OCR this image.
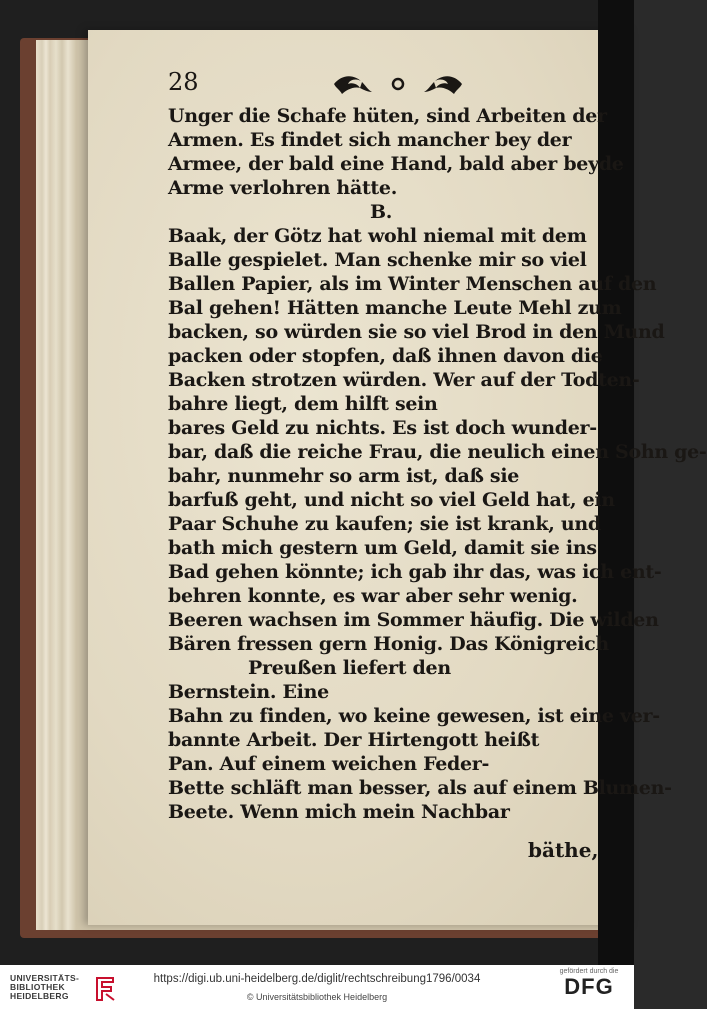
28
Unger die Schafe hüten, sind Arbeiten der
Armen. Es findet sich mancher bey der
Armee, der bald eine Hand, bald aber beyde
Arme verlohren hätte.
B.
Baak, der Götz hat wohl niemal mit dem
Balle gespielet. Man schenke mir so viel
Ballen Papier, als im Winter Menschen auf den
Bal gehen! Hätten manche Leute Mehl zum
backen, so würden sie so viel Brod in den Mund
packen oder stopfen, daß ihnen davon die
Backen strotzen würden. Wer auf der Todten-
bahre liegt, dem hilft sein
bares Geld zu nichts. Es ist doch wunder-
bar, daß die reiche Frau, die neulich einen Sohn ge-
bahr, nunmehr so arm ist, daß sie
barfuß geht, und nicht so viel Geld hat, ein
Paar Schuhe zu kaufen; sie ist krank, und
bath mich gestern um Geld, damit sie ins
Bad gehen könnte; ich gab ihr das, was ich ent-
behren konnte, es war aber sehr wenig.
Beeren wachsen im Sommer häufig. Die wilden
Bären fressen gern Honig. Das Königreich
Preußen liefert den
Bernstein. Eine
Bahn zu finden, wo keine gewesen, ist eine ver-
bannte Arbeit. Der Hirtengott heißt
Pan. Auf einem weichen Feder-
Bette schläft man besser, als auf einem Blumen-
Beete. Wenn mich mein Nachbar
bäthe,
UNIVERSITÄTS-
BIBLIOTHEK
HEIDELBERG
https://digi.ub.uni-heidelberg.de/diglit/rechtschreibung1796/0034
© Universitätsbibliothek Heidelberg
gefördert durch die
DFG
